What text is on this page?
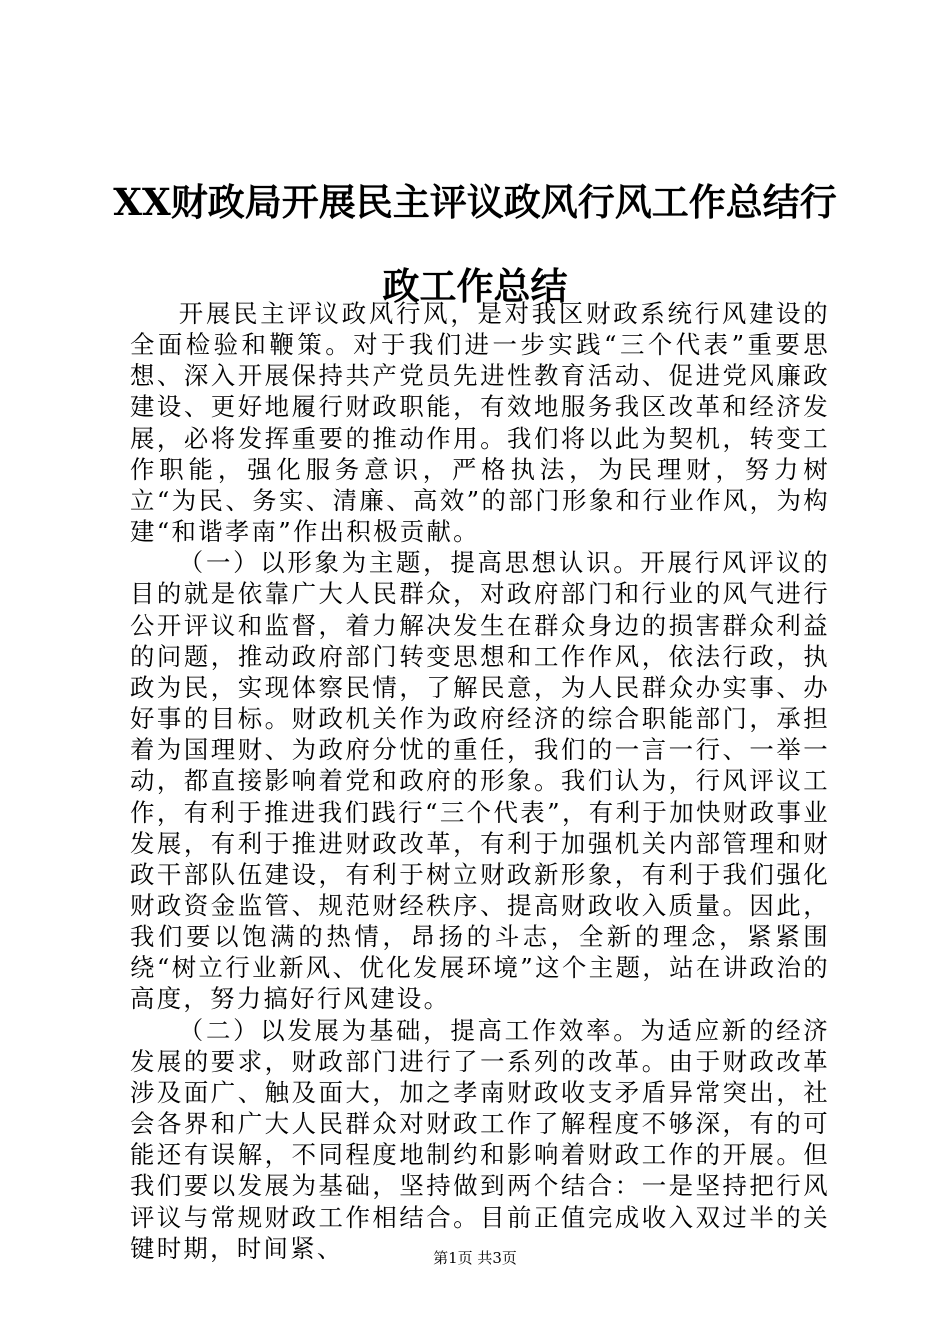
XX财政局开展民主评议政风行风工作总结行
政工作总结

开展民主评议政风行风，是对我区财政系统行风建设的全面检验和鞭策。对于我们进一步实践“三个代表”重要思想、深入开展保持共产党员先进性教育活动、促进党风廉政建设、更好地履行财政职能，有效地服务我区改革和经济发展，必将发挥重要的推动作用。我们将以此为契机，转变工作职能，强化服务意识，严格执法，为民理财，努力树立“为民、务实、清廉、高效”的部门形象和行业作风，为构建“和谐孝南”作出积极贡献。

（一）以形象为主题，提高思想认识。开展行风评议的目的就是依靠广大人民群众，对政府部门和行业的风气进行公开评议和监督，着力解决发生在群众身边的损害群众利益的问题，推动政府部门转变思想和工作作风，依法行政，执政为民，实现体察民情，了解民意，为人民群众办实事、办好事的目标。财政机关作为政府经济的综合职能部门，承担着为国理财、为政府分忧的重任，我们的一言一行、一举一动，都直接影响着党和政府的形象。我们认为，行风评议工作，有利于推进我们践行“三个代表”，有利于加快财政事业发展，有利于推进财政改革，有利于加强机关内部管理和财政干部队伍建设，有利于树立财政新形象，有利于我们强化财政资金监管、规范财经秩序、提高财政收入质量。因此，我们要以饱满的热情，昂扬的斗志，全新的理念，紧紧围绕“树立行业新风、优化发展环境”这个主题，站在讲政治的高度，努力搞好行风建设。

（二）以发展为基础，提高工作效率。为适应新的经济发展的要求，财政部门进行了一系列的改革。由于财政改革涉及面广、触及面大，加之孝南财政收支矛盾异常突出，社会各界和广大人民群众对财政工作了解程度不够深，有的可能还有误解，不同程度地制约和影响着财政工作的开展。但我们要以发展为基础，坚持做到两个结合：一是坚持把行风评议与常规财政工作相结合。目前正值完成收入双过半的关键时期，时间紧、	第1页 共3页
